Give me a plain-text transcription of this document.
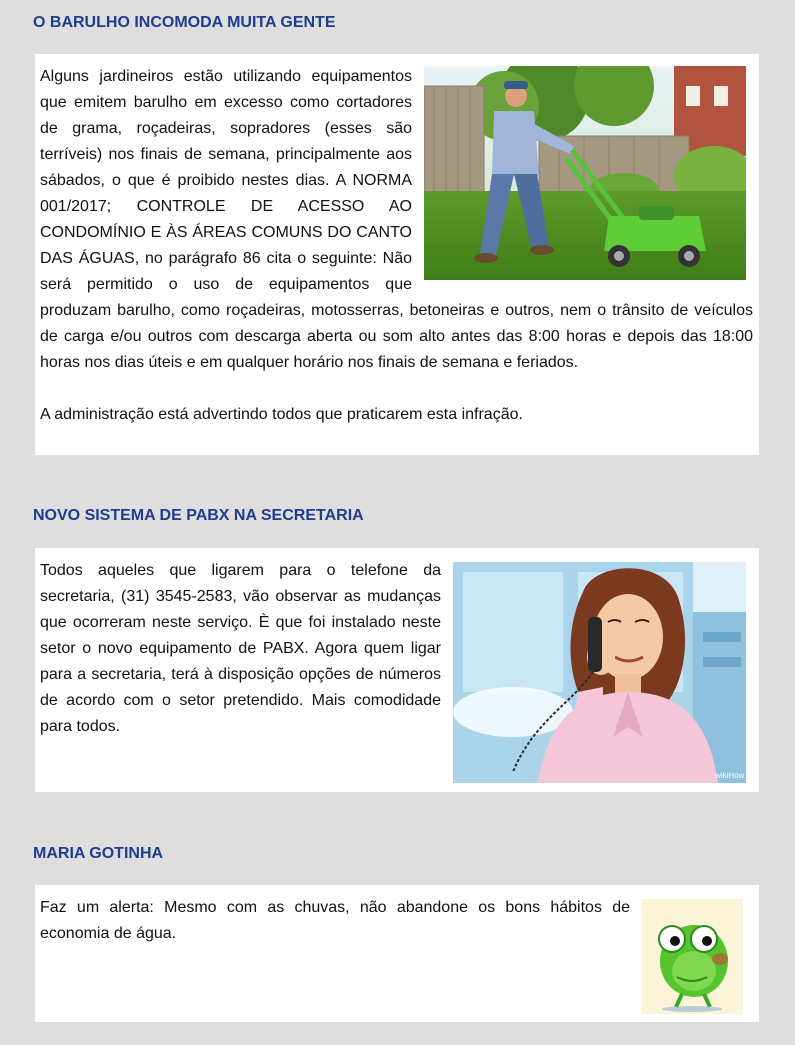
O BARULHO INCOMODA MUITA GENTE

Alguns jardineiros estão utilizando equipamentos que emitem barulho em excesso como cortadores de grama, roçadeiras, sopradores (esses são terríveis) nos finais de semana, principalmente aos sábados, o que é proibido nestes dias. A NORMA 001/2017; CONTROLE DE ACESSO AO CONDOMÍNIO E ÀS ÁREAS COMUNS DO CANTO DAS ÁGUAS, no parágrafo 86 cita o seguinte: Não será permitido o uso de equipamentos que produzam barulho, como roçadeiras, motosserras, betoneiras e outros, nem o trânsito de veículos de carga e/ou outros com descarga aberta ou som alto antes das 8:00 horas e depois das 18:00 horas nos dias úteis e em qualquer horário nos finais de semana e feriados.

A administração está advertindo todos que praticarem esta infração.

NOVO SISTEMA DE PABX NA SECRETARIA
wikiHow

Todos aqueles que ligarem para o telefone da secretaria, (31) 3545-2583, vão observar as mudanças que ocorreram neste serviço. È que foi instalado neste setor o novo equipamento de PABX. Agora quem ligar para a secretaria, terá à disposição opções de números de acordo com o setor pretendido. Mais comodidade para todos.

MARIA GOTINHA

Faz um alerta: Mesmo com as chuvas, não abandone os bons hábitos de economia de água.
